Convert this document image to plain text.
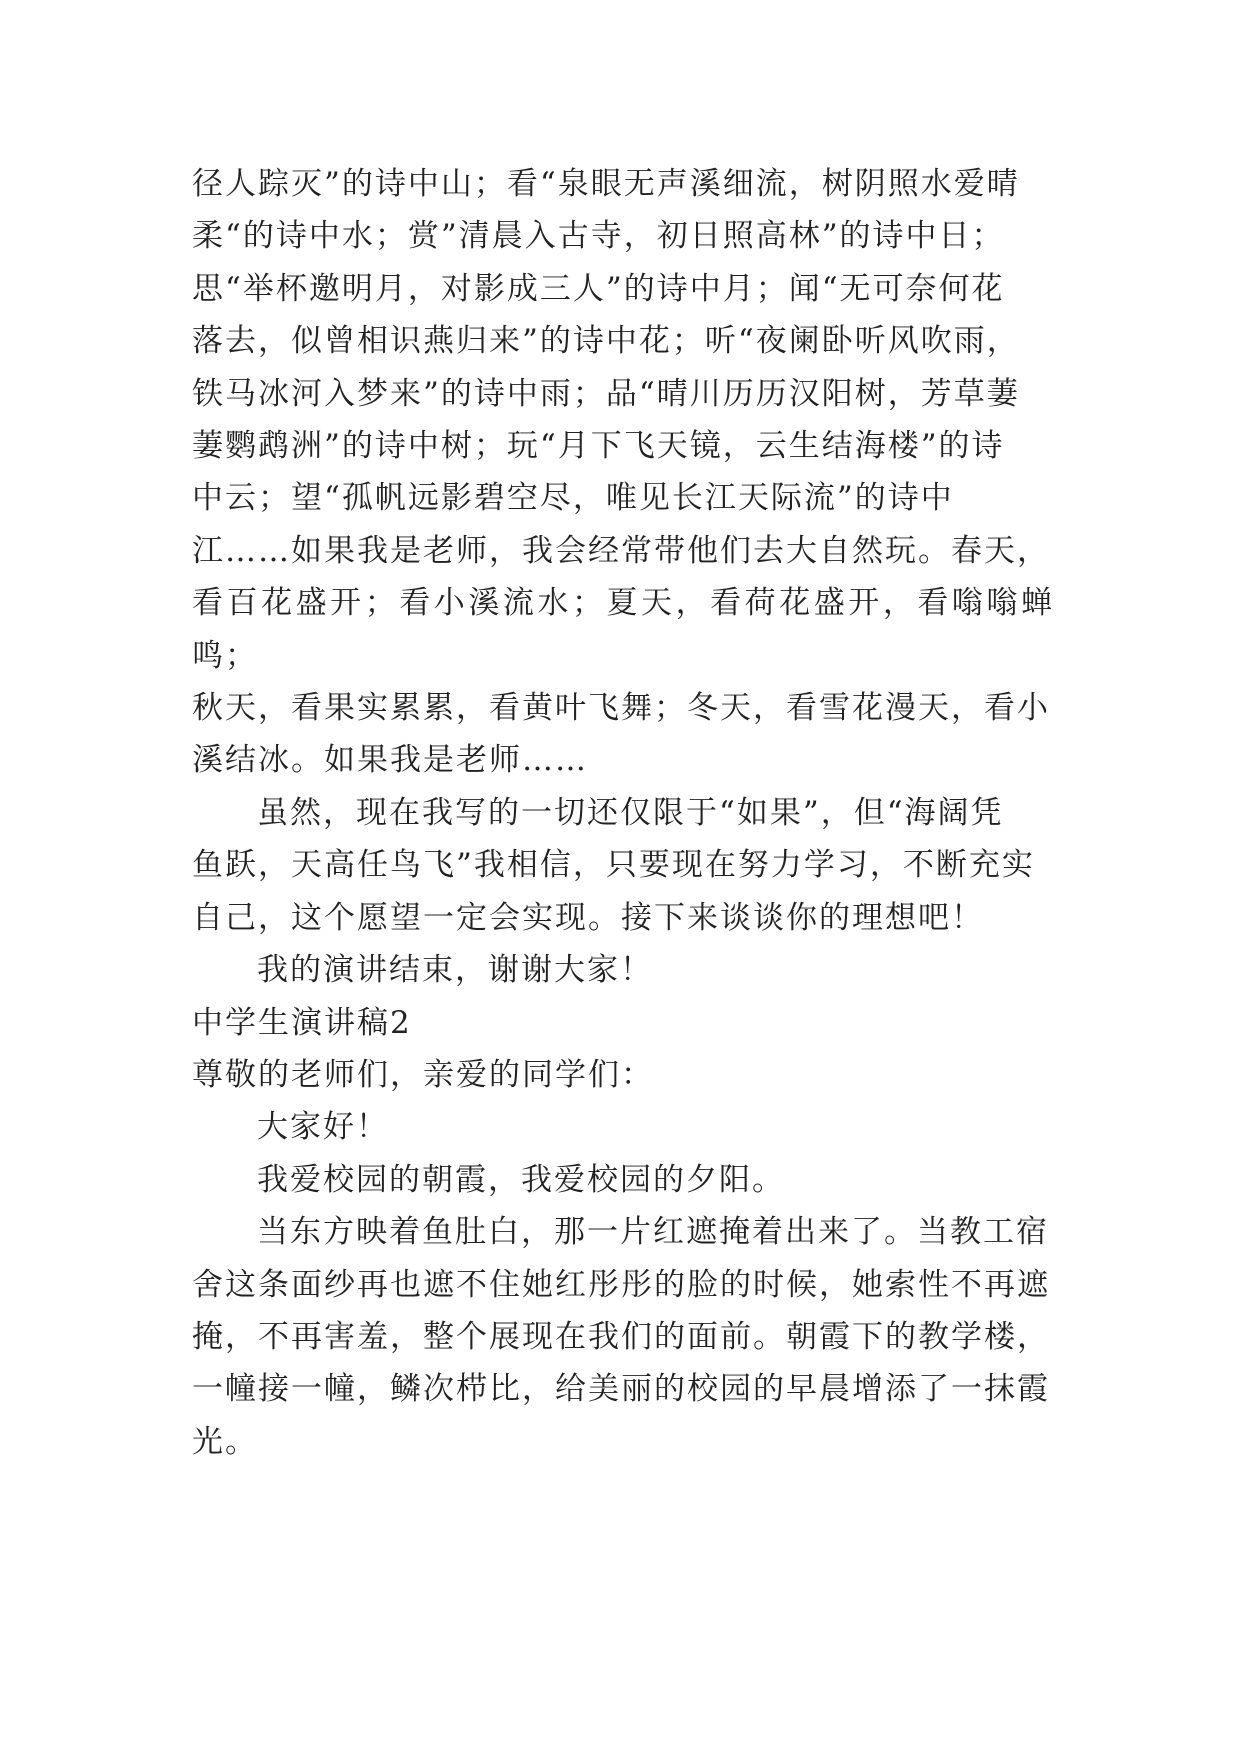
径人踪灭”的诗中山；看“泉眼无声溪细流，树阴照水爱晴
柔“的诗中水；赏”清晨入古寺，初日照高林”的诗中日；
思“举杯邀明月，对影成三人”的诗中月；闻“无可奈何花
落去，似曾相识燕归来”的诗中花；听“夜阑卧听风吹雨，
铁马冰河入梦来”的诗中雨；品“晴川历历汉阳树，芳草萋
萋鹦鹉洲”的诗中树；玩“月下飞天镜，云生结海楼”的诗
中云；望“孤帆远影碧空尽，唯见长江天际流”的诗中
江……如果我是老师，我会经常带他们去大自然玩。春天，
看百花盛开；看小溪流水；夏天，看荷花盛开，看嗡嗡蝉鸣；
秋天，看果实累累，看黄叶飞舞；冬天，看雪花漫天，看小
溪结冰。如果我是老师……

虽然，现在我写的一切还仅限于“如果”，但“海阔凭
鱼跃，天高任鸟飞”我相信，只要现在努力学习，不断充实
自己，这个愿望一定会实现。接下来谈谈你的理想吧！

我的演讲结束，谢谢大家！

中学生演讲稿2

尊敬的老师们，亲爱的同学们：

大家好！

我爱校园的朝霞，我爱校园的夕阳。

当东方映着鱼肚白，那一片红遮掩着出来了。当教工宿
舍这条面纱再也遮不住她红彤彤的脸的时候，她索性不再遮
掩，不再害羞，整个展现在我们的面前。朝霞下的教学楼，
一幢接一幢，鳞次栉比，给美丽的校园的早晨增添了一抹霞
光。
